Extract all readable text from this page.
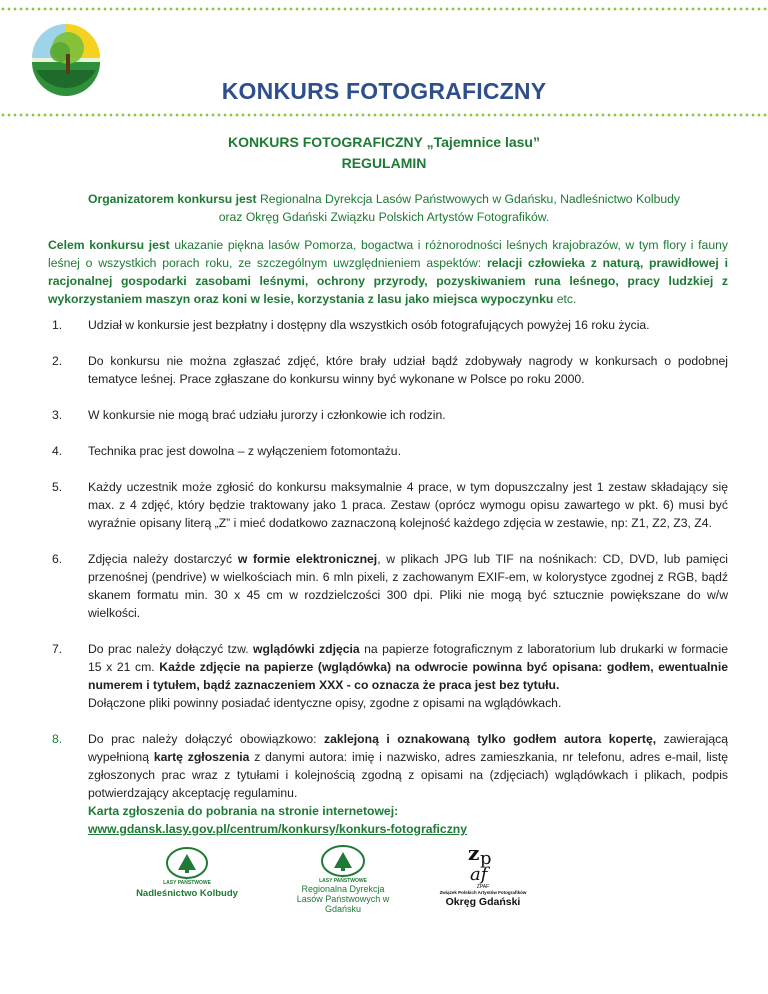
KONKURS FOTOGRAFICZNY
KONKURS FOTOGRAFICZNY „Tajemnice lasu”
REGULAMIN
Organizatorem konkursu jest Regionalna Dyrekcja Lasów Państwowych w Gdańsku, Nadleśnictwo Kolbudy
oraz Okręg Gdański Związku Polskich Artystów Fotografików.
Celem konkursu jest ukazanie piękna lasów Pomorza, bogactwa i różnorodności leśnych krajobrazów, w tym flory i fauny leśnej o wszystkich porach roku, ze szczególnym uwzględnieniem aspektów: relacji człowieka z naturą, prawidłowej i racjonalnej gospodarki zasobami leśnymi, ochrony przyrody, pozyskiwaniem runa leśnego, pracy ludzkiej z wykorzystaniem maszyn oraz koni w lesie, korzystania z lasu jako miejsca wypoczynku etc.
1. Udział w konkursie jest bezpłatny i dostępny dla wszystkich osób fotografujących powyżej 16 roku życia.
2. Do konkursu nie można zgłaszać zdjęć, które brały udział bądź zdobywały nagrody w konkursach o podobnej tematyce leśnej. Prace zgłaszane do konkursu winny być wykonane w Polsce po roku 2000.
3. W konkursie nie mogą brać udziału jurorzy i członkowie ich rodzin.
4. Technika prac jest dowolna – z wyłączeniem fotomontażu.
5. Każdy uczestnik może zgłosić do konkursu maksymalnie 4 prace, w tym dopuszczalny jest 1 zestaw składający się max. z 4 zdjęć, który będzie traktowany jako 1 praca. Zestaw (oprócz wymogu opisu zawartego w pkt. 6) musi być wyraźnie opisany literą „Z” i mieć dodatkowo zaznaczoną kolejność każdego zdjęcia w zestawie, np: Z1, Z2, Z3, Z4.
6. Zdjęcia należy dostarczyć w formie elektronicznej, w plikach JPG lub TIF na nośnikach: CD, DVD, lub pamięci przenośnej (pendrive) w wielkościach min. 6 mln pixeli, z zachowanym EXIF-em, w kolorystyce zgodnej z RGB, bądź skanem formatu min. 30 x 45 cm w rozdzielczości 300 dpi. Pliki nie mogą być sztucznie powiększane do w/w wielkości.
7. Do prac należy dołączyć tzw. wglądówki zdjęcia na papierze fotograficznym z laboratorium lub drukarki w formacie 15 x 21 cm. Każde zdjęcie na papierze (wglądówka) na odwrocie powinna być opisana: godłem, ewentualnie numerem i tytułem, bądź zaznaczeniem XXX - co oznacza że praca jest bez tytułu.
Dołączone pliki powinny posiadać identyczne opisy, zgodne z opisami na wglądówkach.
8. Do prac należy dołączyć obowiązkowo: zaklejoną i oznakowaną tylko godłem autora kopertę, zawierającą wypełnioną kartę zgłoszenia z danymi autora: imię i nazwisko, adres zamieszkania, nr telefonu, adres e-mail, listę zgłoszonych prac wraz z tytułami i kolejnością zgodną z opisami na (zdjęciach) wglądówkach i plikach, podpis potwierdzający akceptację regulaminu.
Karta zgłoszenia do pobrania na stronie internetowej:
www.gdansk.lasy.gov.pl/centrum/konkursy/konkurs-fotograficzny
LASY PAŃSTWOWE
Nadleśnictwo Kolbudy
LASY PAŃSTWOWE
Regionalna Dyrekcja
Lasów Państwowych w Gdańsku
z p
af
ZPAF
Związek Polskich Artystów Fotografików
Okręg Gdański
